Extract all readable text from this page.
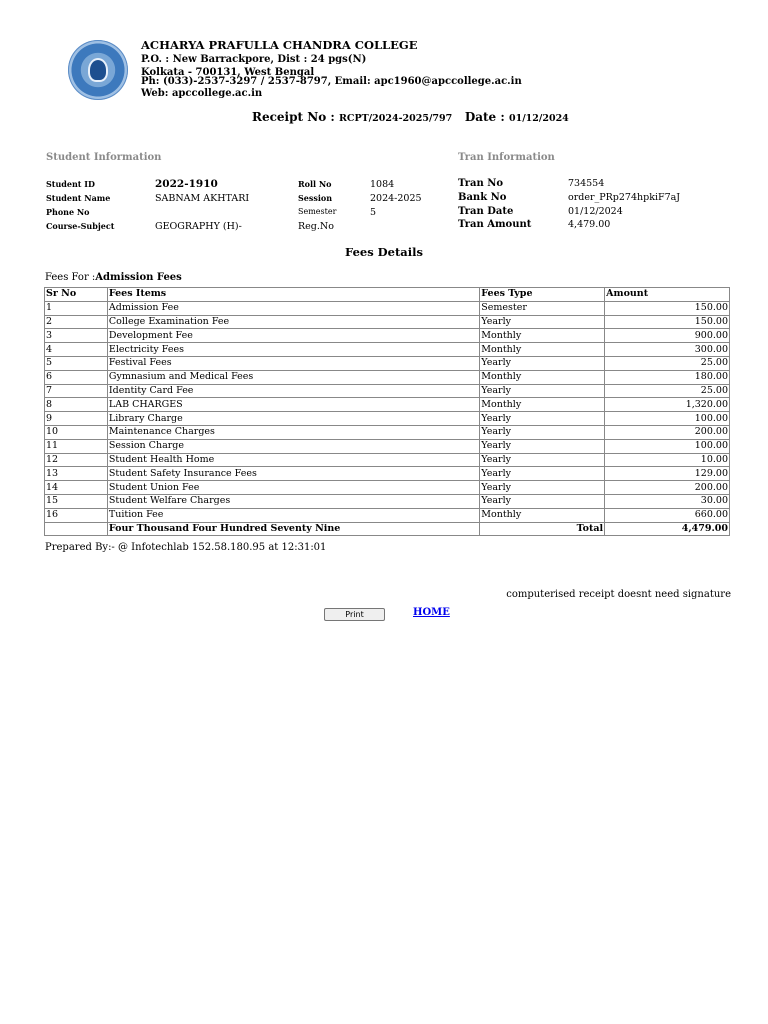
ACHARYA PRAFULLA CHANDRA COLLEGE
P.O. : New Barrackpore, Dist : 24 pgs(N)
Kolkata - 700131, West Bengal
Ph: (033)-2537-3297 / 2537-8797, Email: apc1960@apccollege.ac.in
Web: apccollege.ac.in
Receipt No : RCPT/2024-2025/797 Date : 01/12/2024
Student Information	Tran Information
Student ID	2022-1910
Student Name	SABNAM AKHTARI
Phone No
Course-Subject	GEOGRAPHY (H)-
Roll No	1084
Session	2024-2025
Semester	5
Reg.No
Tran No	734554
Bank No	order_PRp274hpkiF7aJ
Tran Date	01/12/2024
Tran Amount	4,479.00
Fees Details
Fees For :Admission Fees
Sr No	Fees Items	Fees Type	Amount
1	Admission Fee	Semester	150.00
2	College Examination Fee	Yearly	150.00
3	Development Fee	Monthly	900.00
4	Electricity Fees	Monthly	300.00
5	Festival Fees	Yearly	25.00
6	Gymnasium and Medical Fees	Monthly	180.00
7	Identity Card Fee	Yearly	25.00
8	LAB CHARGES	Monthly	1,320.00
9	Library Charge	Yearly	100.00
10	Maintenance Charges	Yearly	200.00
11	Session Charge	Yearly	100.00
12	Student Health Home	Yearly	10.00
13	Student Safety Insurance Fees	Yearly	129.00
14	Student Union Fee	Yearly	200.00
15	Student Welfare Charges	Yearly	30.00
16	Tuition Fee	Monthly	660.00
	Four Thousand Four Hundred Seventy Nine	Total	4,479.00
Prepared By:- @ Infotechlab 152.58.180.95 at 12:31:01
computerised receipt doesnt need signature
Print	HOME
